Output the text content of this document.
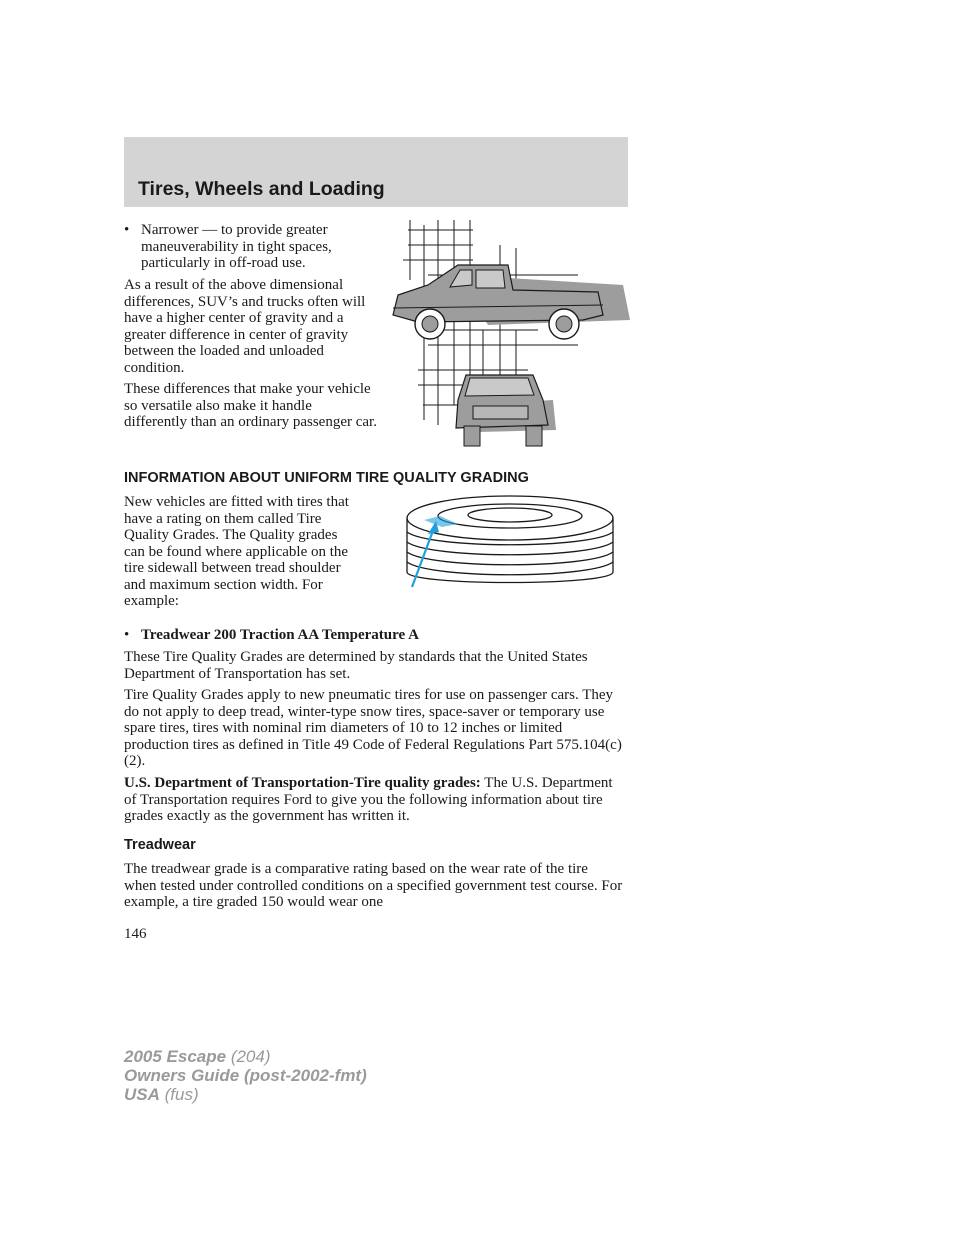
Tires, Wheels and Loading
• Narrower — to provide greater maneuverability in tight spaces, particularly in off-road use.

As a result of the above dimensional differences, SUV’s and trucks often will have a higher center of gravity and a greater difference in center of gravity between the loaded and unloaded condition.

These differences that make your vehicle so versatile also make it handle differently than an ordinary passenger car.

INFORMATION ABOUT UNIFORM TIRE QUALITY GRADING

New vehicles are fitted with tires that have a rating on them called Tire Quality Grades. The Quality grades can be found where applicable on the tire sidewall between tread shoulder and maximum section width. For example:

• Treadwear 200 Traction AA Temperature A

These Tire Quality Grades are determined by standards that the United States Department of Transportation has set.

Tire Quality Grades apply to new pneumatic tires for use on passenger cars. They do not apply to deep tread, winter-type snow tires, space-saver or temporary use spare tires, tires with nominal rim diameters of 10 to 12 inches or limited production tires as defined in Title 49 Code of Federal Regulations Part 575.104(c)(2).

U.S. Department of Transportation-Tire quality grades: The U.S. Department of Transportation requires Ford to give you the following information about tire grades exactly as the government has written it.

Treadwear

The treadwear grade is a comparative rating based on the wear rate of the tire when tested under controlled conditions on a specified government test course. For example, a tire graded 150 would wear one

146
2005 Escape (204)
Owners Guide (post-2002-fmt)
USA (fus)
